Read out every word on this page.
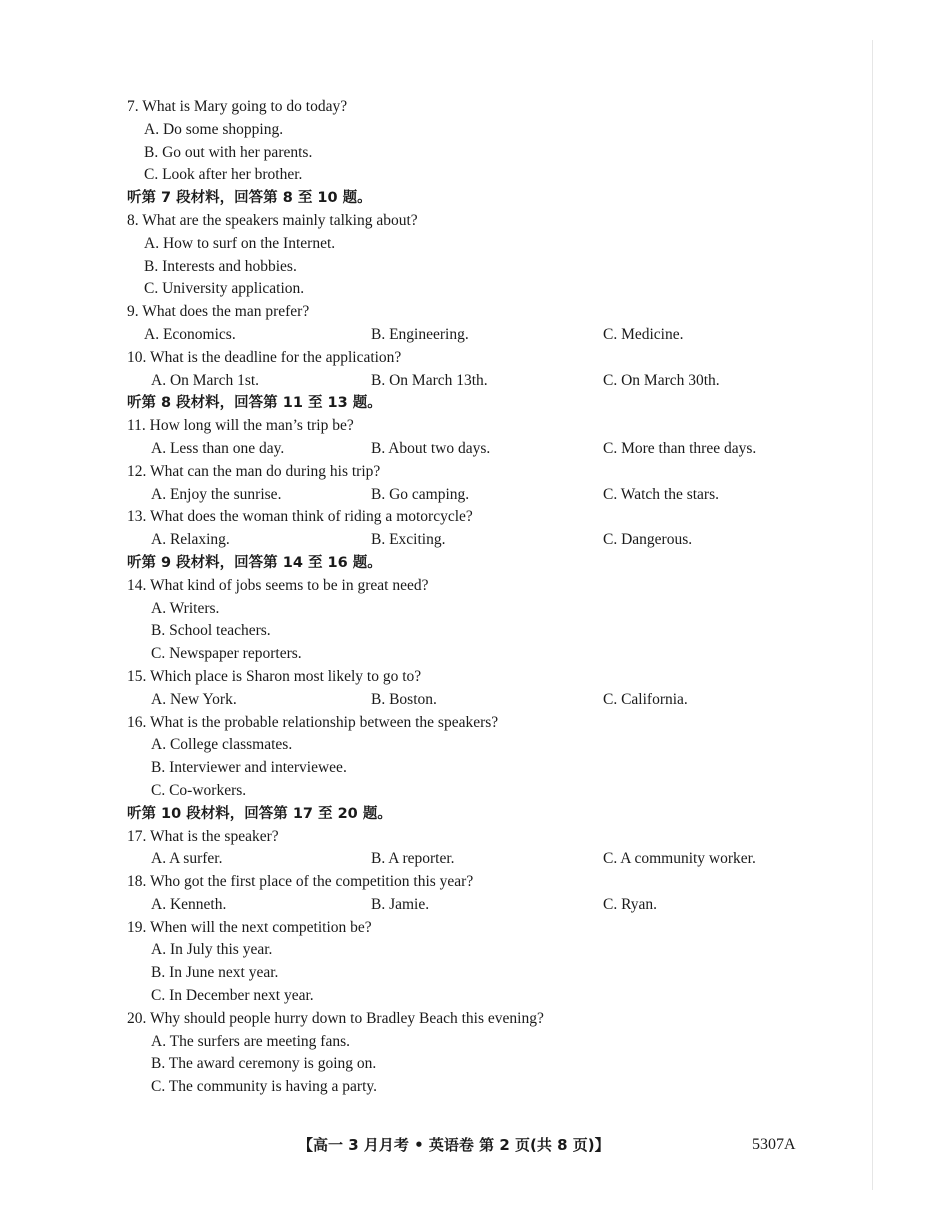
7. What is Mary going to do today?
A. Do some shopping.
B. Go out with her parents.
C. Look after her brother.
听第 7 段材料，回答第 8 至 10 题。
8. What are the speakers mainly talking about?
A. How to surf on the Internet.
B. Interests and hobbies.
C. University application.
9. What does the man prefer?
A. Economics.	B. Engineering.	C. Medicine.
10. What is the deadline for the application?
A. On March 1st.	B. On March 13th.	C. On March 30th.
听第 8 段材料，回答第 11 至 13 题。
11. How long will the man’s trip be?
A. Less than one day.	B. About two days.	C. More than three days.
12. What can the man do during his trip?
A. Enjoy the sunrise.	B. Go camping.	C. Watch the stars.
13. What does the woman think of riding a motorcycle?
A. Relaxing.	B. Exciting.	C. Dangerous.
听第 9 段材料，回答第 14 至 16 题。
14. What kind of jobs seems to be in great need?
A. Writers.
B. School teachers.
C. Newspaper reporters.
15. Which place is Sharon most likely to go to?
A. New York.	B. Boston.	C. California.
16. What is the probable relationship between the speakers?
A. College classmates.
B. Interviewer and interviewee.
C. Co-workers.
听第 10 段材料，回答第 17 至 20 题。
17. What is the speaker?
A. A surfer.	B. A reporter.	C. A community worker.
18. Who got the first place of the competition this year?
A. Kenneth.	B. Jamie.	C. Ryan.
19. When will the next competition be?
A. In July this year.
B. In June next year.
C. In December next year.
20. Why should people hurry down to Bradley Beach this evening?
A. The surfers are meeting fans.
B. The award ceremony is going on.
C. The community is having a party.
【高一 3 月月考 • 英语卷 第 2 页(共 8 页)】	5307A
